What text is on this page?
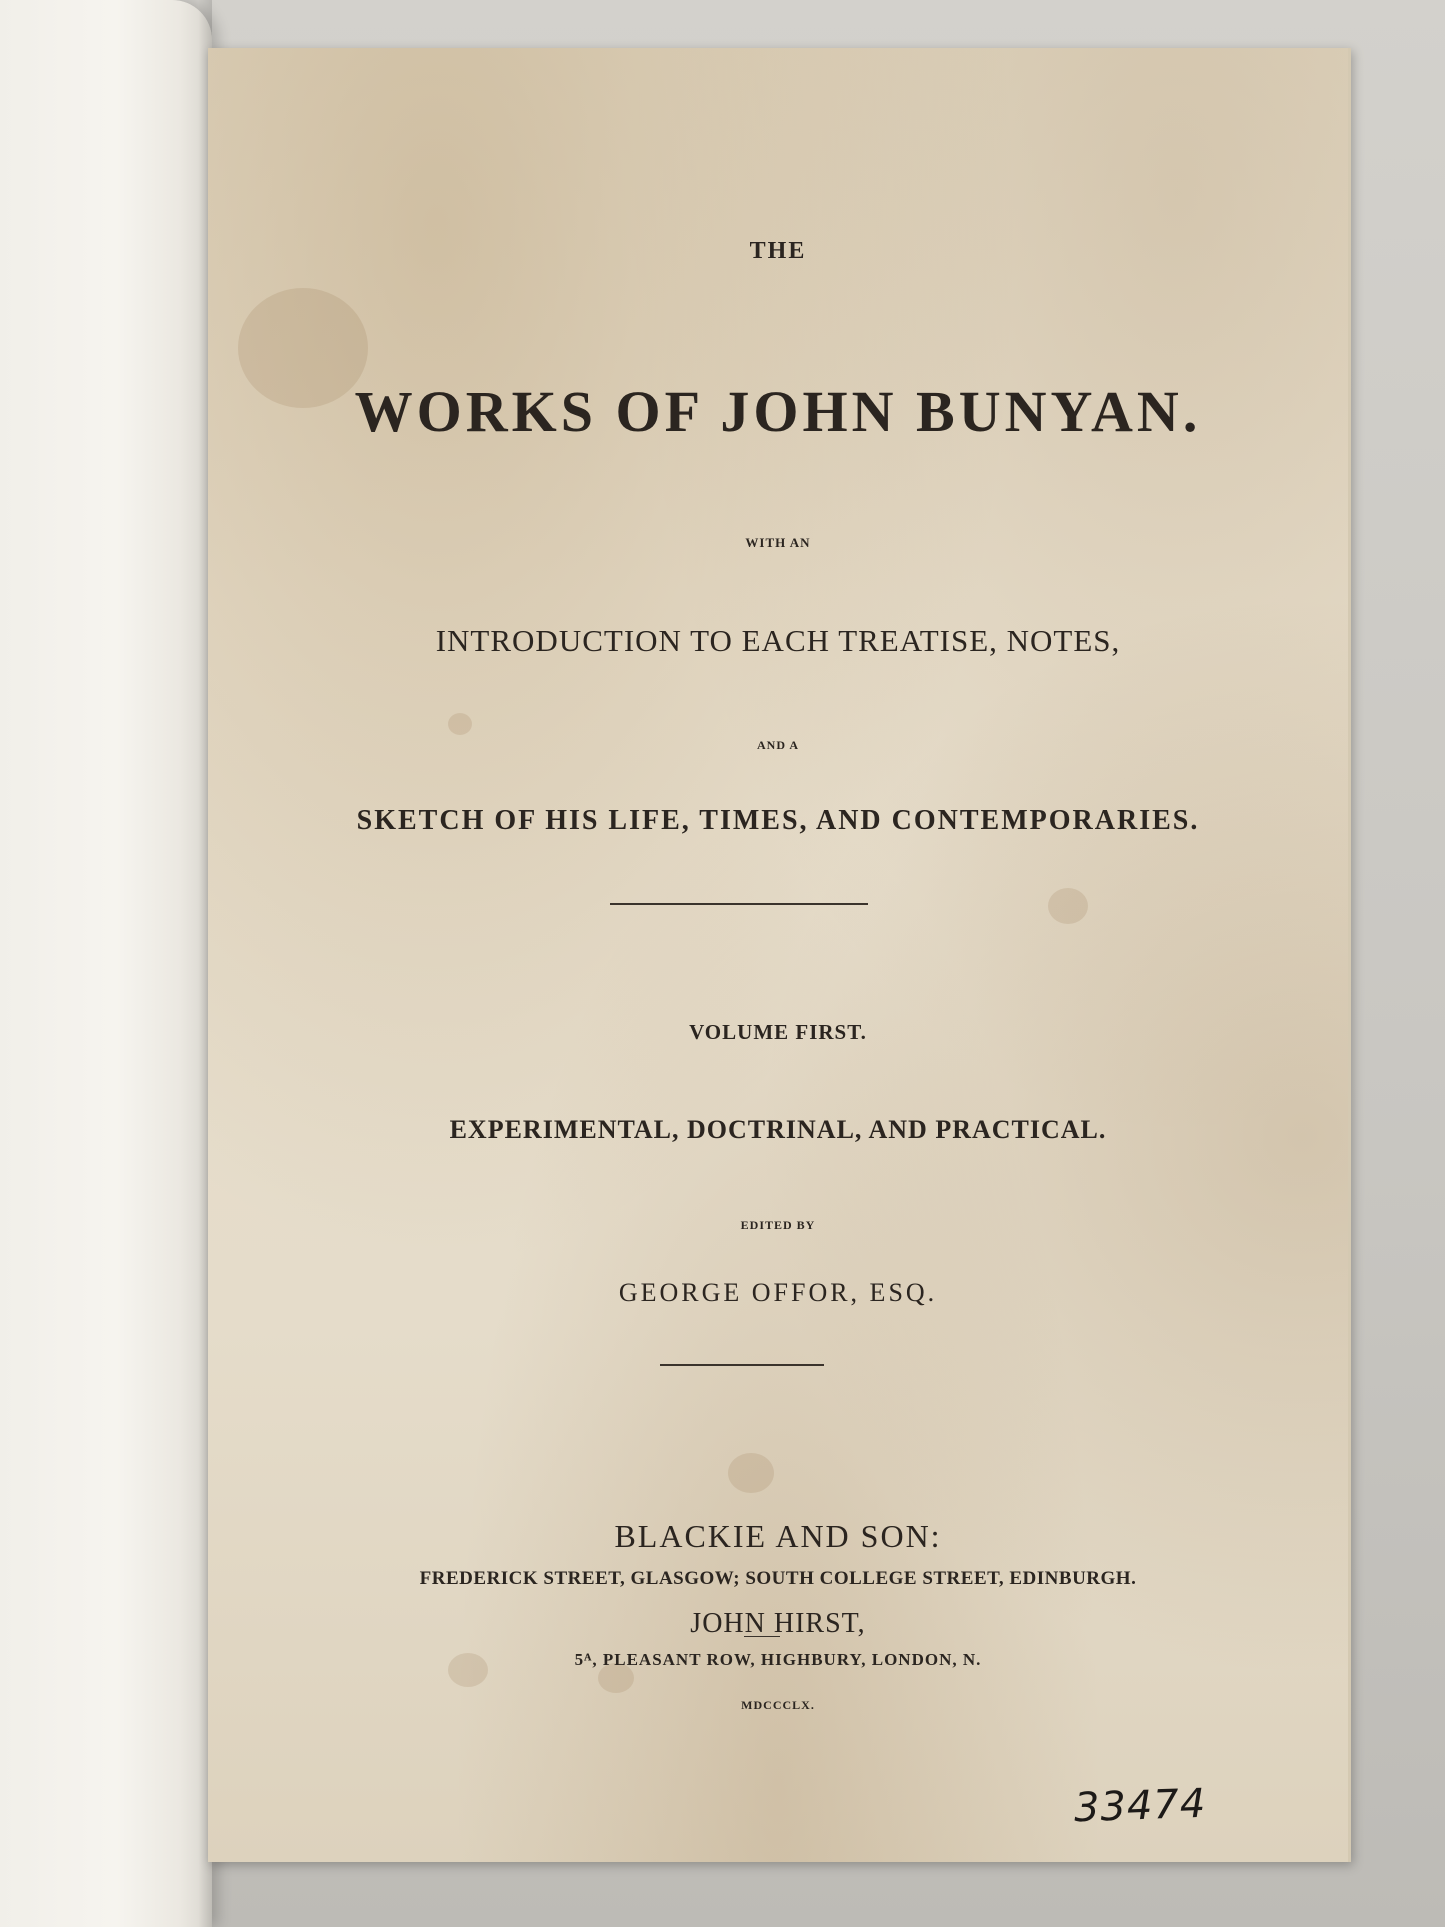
THE
WORKS OF JOHN BUNYAN.
WITH AN
INTRODUCTION TO EACH TREATISE, NOTES,
AND A
SKETCH OF HIS LIFE, TIMES, AND CONTEMPORARIES.
VOLUME FIRST.
EXPERIMENTAL, DOCTRINAL, AND PRACTICAL.
EDITED BY
GEORGE OFFOR, ESQ.
BLACKIE AND SON:
FREDERICK STREET, GLASGOW; SOUTH COLLEGE STREET, EDINBURGH.
JOHN HIRST,
5ᴬ, PLEASANT ROW, HIGHBURY, LONDON, N.
MDCCCLX.
33474
